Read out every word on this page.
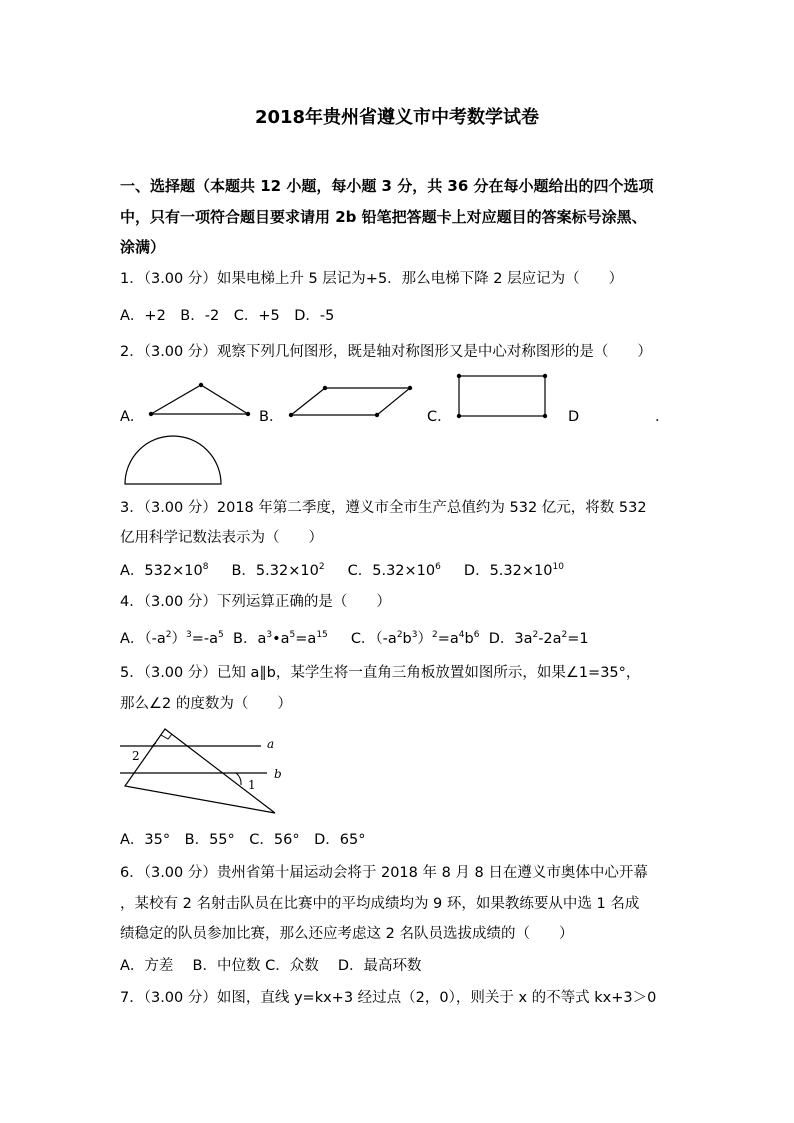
2018年贵州省遵义市中考数学试卷
一、选择题（本题共 12 小题，每小题 3 分，共 36 分在每小题给出的四个选项
中，只有一项符合题目要求请用 2b 铅笔把答题卡上对应题目的答案标号涂黑、
涂满）
1．（3.00 分）如果电梯上升 5 层记为+5．那么电梯下降 2 层应记为（　　）
A．+2　B．-2　C．+5　D．-5
2．（3.00 分）观察下列几何图形，既是轴对称图形又是中心对称图形的是（　　）
A．	B．	C．	D	．
3．（3.00 分）2018 年第二季度，遵义市全市生产总值约为 532 亿元，将数 532
亿用科学记数法表示为（　　）
A．$532\times 10^8$ B．$5.32\times 10^2$ C．$5.32\times 10^6$ D．$5.32\times 10^{10}$
4．（3.00 分）下列运算正确的是（　　）
A．$(-a^2)^3=-a^5$ B．$a^3•a^5=a^{15}$ C．$(-a^2b^3)^2=a^4b^6$ D．$3a^2-2a^2=1$
5．（3.00 分）已知 a∥b，某学生将一直角三角板放置如图所示，如果∠1=35°，
那么∠2 的度数为（　　）
a
b
1
2
A．35°　B．55°　C．56°　D．65°
6．（3.00 分）贵州省第十届运动会将于 2018 年 8 月 8 日在遵义市奥体中心开幕
，某校有 2 名射击队员在比赛中的平均成绩均为 9 环，如果教练要从中选 1 名成
绩稳定的队员参加比赛，那么还应考虑这 2 名队员选拔成绩的（　　）
A．方差　 B．中位数 C．众数　 D．最高环数
7．（3.00 分）如图，直线 y=kx+3 经过点（2，0），则关于 x 的不等式 kx+3＞0
